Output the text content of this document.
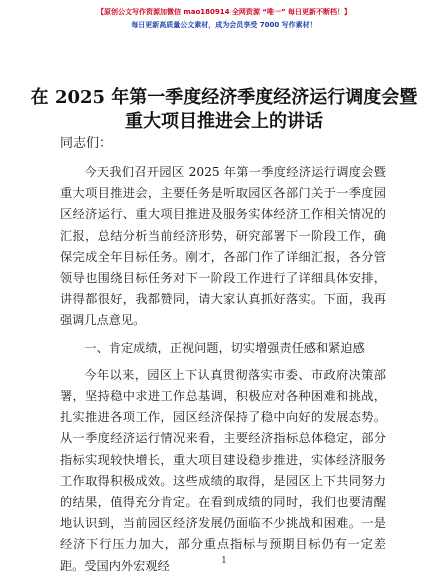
【原创公文写作资源加微信 mao180914 全网资源 “唯一” 每日更新不断档！】
每日更新高质量公文素材，成为会员享受 7000 写作素材！
在 2025 年第一季度经济季度经济运行调度会暨重大项目推进会上的讲话
同志们：

今天我们召开园区 2025 年第一季度经济运行调度会暨重大项目推进会，主要任务是听取园区各部门关于一季度园区经济运行、重大项目推进及服务实体经济工作相关情况的汇报，总结分析当前经济形势，研究部署下一阶段工作，确保完成全年目标任务。刚才，各部门作了详细汇报，各分管领导也围绕目标任务对下一阶段工作进行了详细具体安排，讲得都很好，我都赞同，请大家认真抓好落实。下面，我再强调几点意见。

一、肯定成绩，正视问题，切实增强责任感和紧迫感

今年以来，园区上下认真贯彻落实市委、市政府决策部署，坚持稳中求进工作总基调，积极应对各种困难和挑战，扎实推进各项工作，园区经济保持了稳中向好的发展态势。从一季度经济运行情况来看，主要经济指标总体稳定，部分指标实现较快增长，重大项目建设稳步推进，实体经济服务工作取得积极成效。这些成绩的取得，是园区上下共同努力的结果，值得充分肯定。在看到成绩的同时，我们也要清醒地认识到，当前园区经济发展仍面临不少挑战和困难。一是经济下行压力加大，部分重点指标与预期目标仍有一定差距。受国内外宏观经	1
